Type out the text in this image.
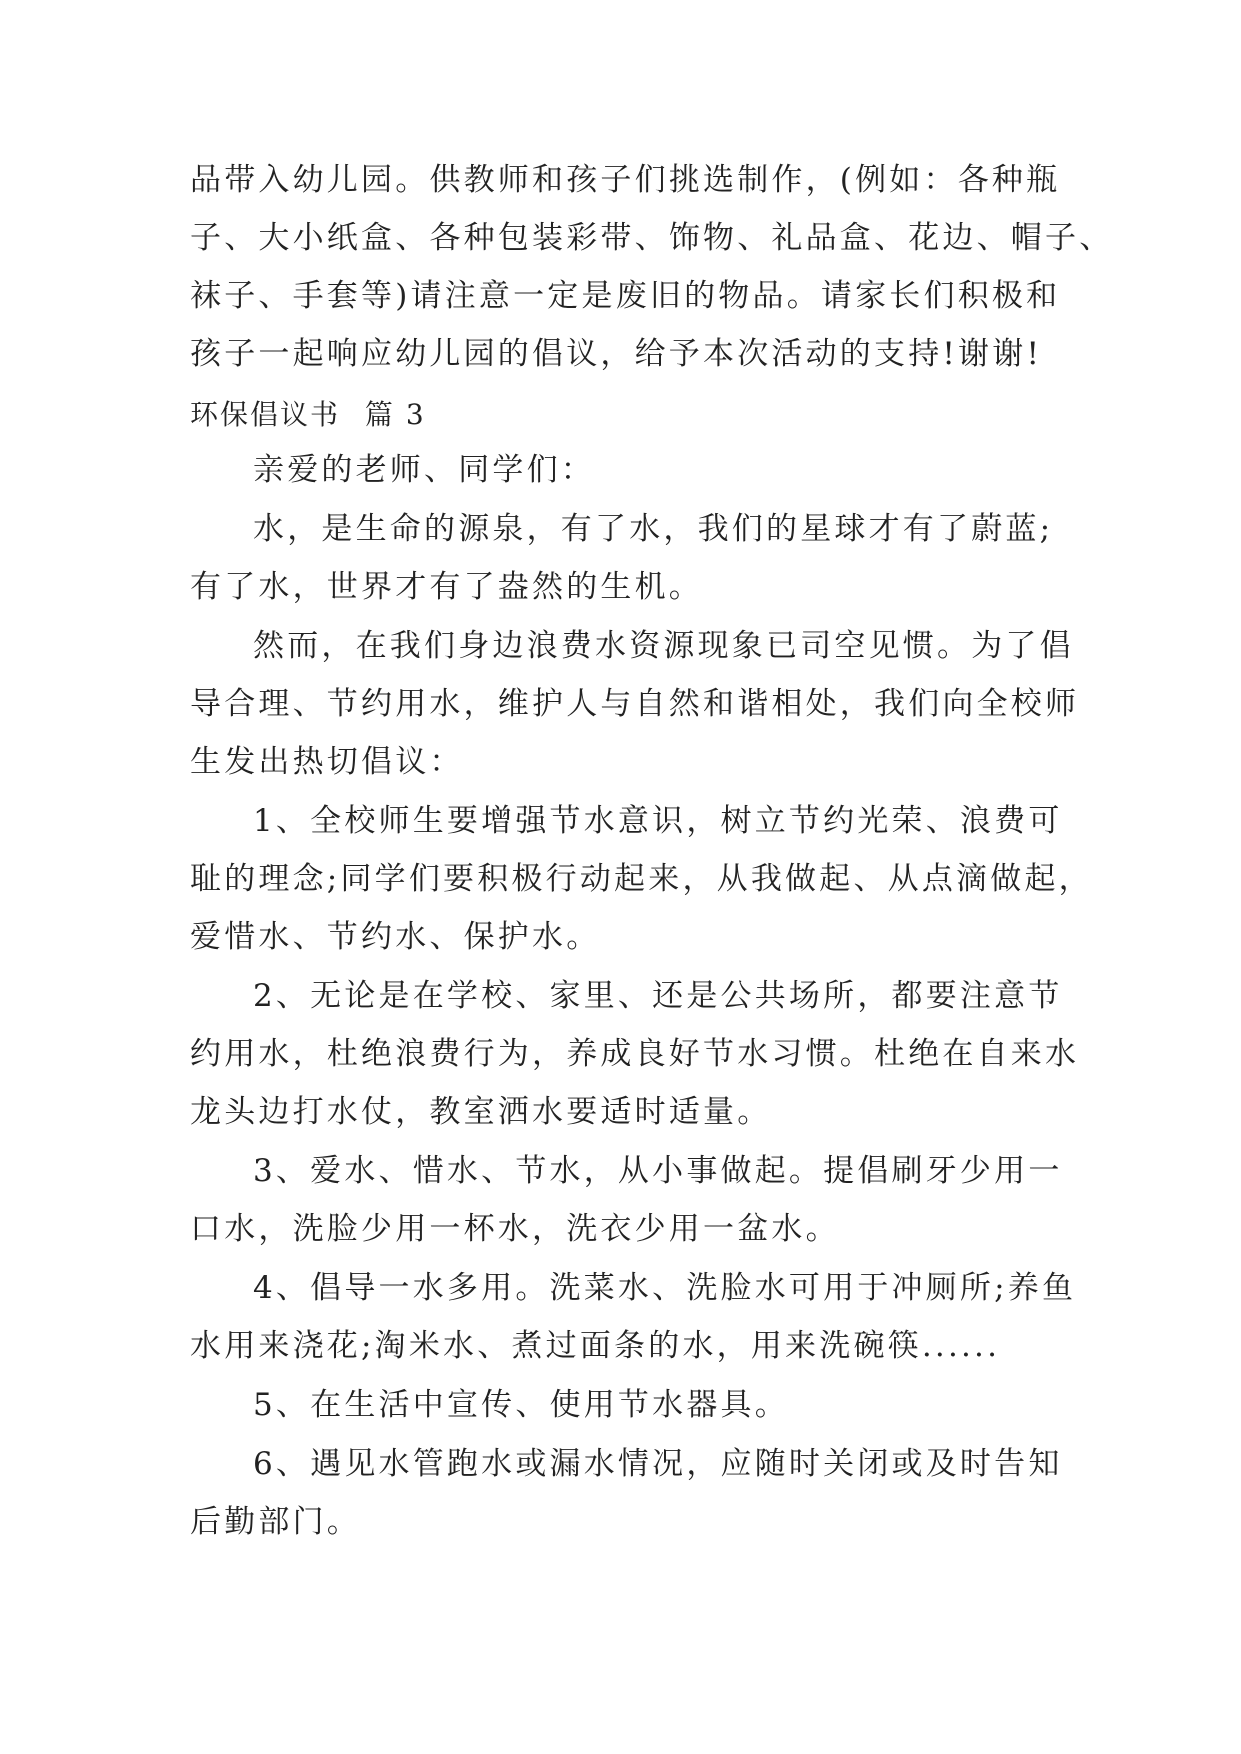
品带入幼儿园。供教师和孩子们挑选制作，(例如：各种瓶
子、大小纸盒、各种包装彩带、饰物、礼品盒、花边、帽子、
袜子、手套等)请注意一定是废旧的物品。请家长们积极和
孩子一起响应幼儿园的倡议，给予本次活动的支持!谢谢!
环保倡议书 篇 3
亲爱的老师、同学们：
水，是生命的源泉，有了水，我们的星球才有了蔚蓝;
有了水，世界才有了盎然的生机。
然而，在我们身边浪费水资源现象已司空见惯。为了倡
导合理、节约用水，维护人与自然和谐相处，我们向全校师
生发出热切倡议：
1、全校师生要增强节水意识，树立节约光荣、浪费可
耻的理念;同学们要积极行动起来，从我做起、从点滴做起，
爱惜水、节约水、保护水。
2、无论是在学校、家里、还是公共场所，都要注意节
约用水，杜绝浪费行为，养成良好节水习惯。杜绝在自来水
龙头边打水仗，教室洒水要适时适量。
3、爱水、惜水、节水，从小事做起。提倡刷牙少用一
口水，洗脸少用一杯水，洗衣少用一盆水。
4、倡导一水多用。洗菜水、洗脸水可用于冲厕所;养鱼
水用来浇花;淘米水、煮过面条的水，用来洗碗筷......
5、在生活中宣传、使用节水器具。
6、遇见水管跑水或漏水情况，应随时关闭或及时告知
后勤部门。
